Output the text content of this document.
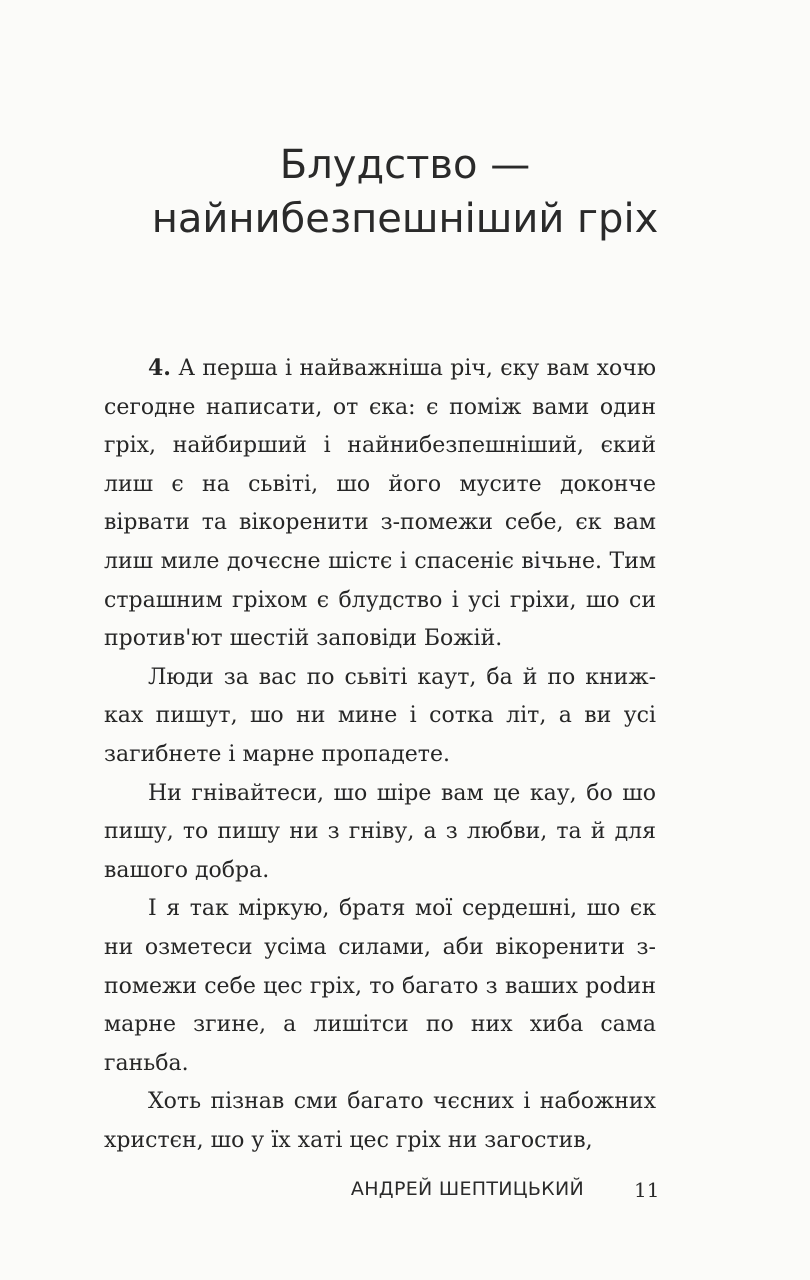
Блудство —
найнибезпешніший гріх

4. А перша і найважніша річ, єку вам хочю сегодне написати, от єка: є поміж вами один гріх, найбирший і найнибезпешніший, єкий лиш є на сьвіті, шо його мусите доконче вірвати та вікоренити з-помежи себе, єк вам лиш миле дочєсне шістє і спасеніє вічьне. Тим страшним гріхом є блудство і усі гріхи, шо си против'ют шестій заповіди Божій.

Люди за вас по сьвіті каут, ба й по книжках пишут, шо ни мине і сотка літ, а ви усі загибнете і марне пропадете.

Ни гнівайтеси, шо шіре вам це кау, бо шо пишу, то пишу ни з гніву, а з любви, та й для вашого добра.

І я так міркую, братя мої сердешні, шо єк ни озметеси усіма силами, аби вікоренити з-помежи себе цес гріх, то багато з ваших роdин марне згине, а лишітси по них хиба сама ганьба.

Хоть пізнав сми багато чєсних і набожних христєн, шо у їх хаті цес гріх ни загостив,

АНДРЕЙ ШЕПТИЦЬКИЙ	11
